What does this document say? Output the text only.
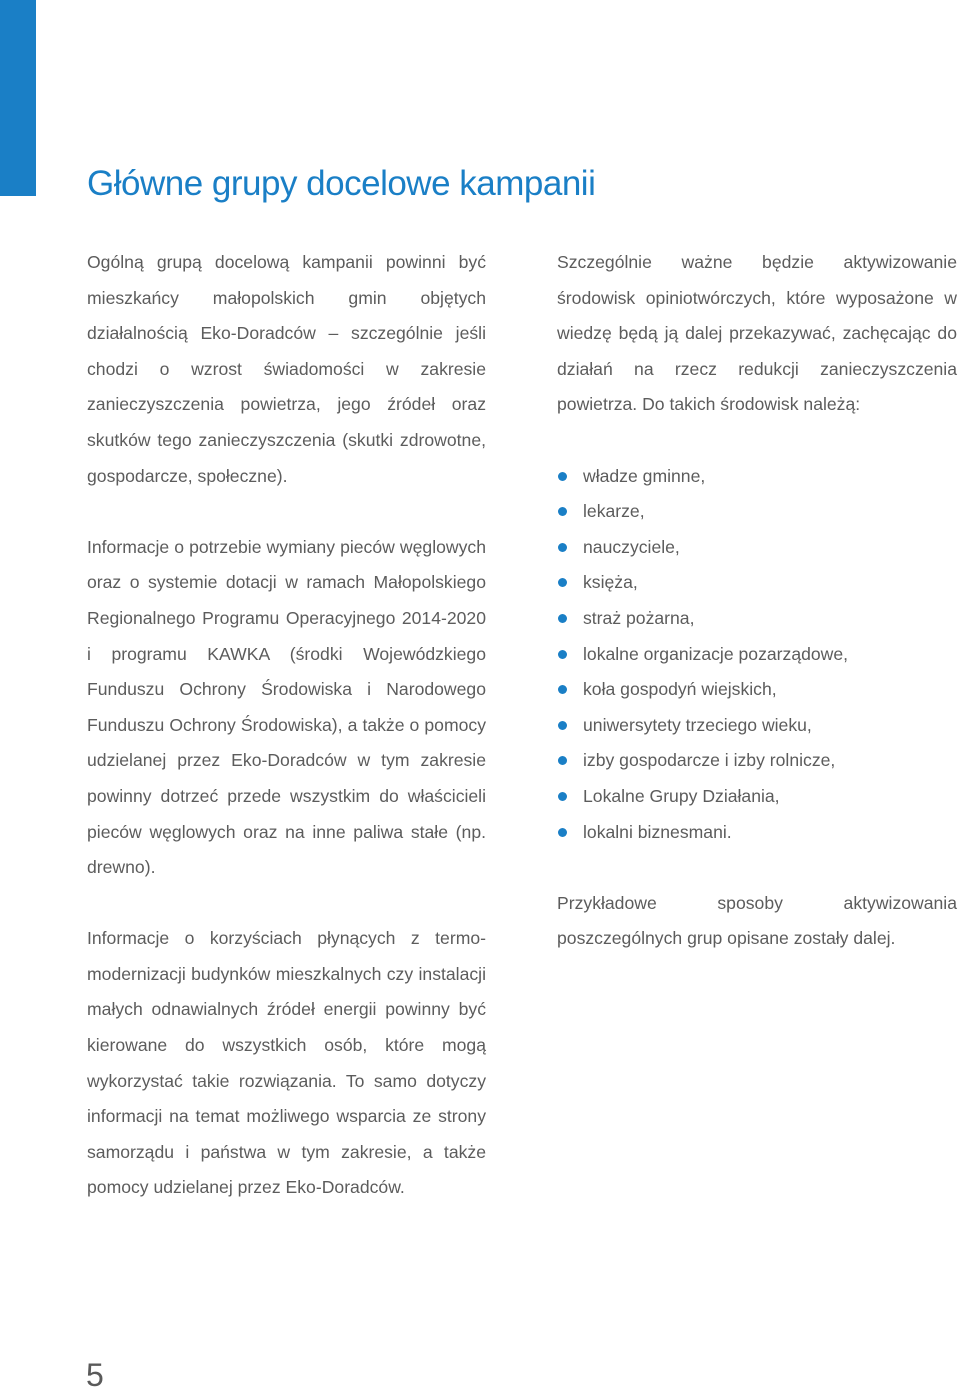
Główne grupy docelowe kampanii

Ogólną grupą docelową kampanii powinni być mieszkańcy małopolskich gmin objętych działalnością Eko-Doradców – szczególnie jeśli chodzi o wzrost świadomości w zakresie zanieczyszczenia powietrza, jego źródeł oraz skutków tego zanieczyszczenia (skutki zdrowotne, gospodarcze, społeczne).

Informacje o potrzebie wymiany pieców węglowych oraz o systemie dotacji w ramach Małopolskiego Regionalnego Programu Operacyjnego 2014-2020 i programu KAWKA (środki Wojewódzkiego Funduszu Ochrony Środowiska i Narodowego Funduszu Ochrony Środowiska), a także o pomocy udzielanej przez Eko-Doradców w tym zakresie powinny dotrzeć przede wszystkim do właścicieli pieców węglowych oraz na inne paliwa stałe (np. drewno).

Informacje o korzyściach płynących z termomodernizacji budynków mieszkalnych czy instalacji małych odnawialnych źródeł energii powinny być kierowane do wszystkich osób, które mogą wykorzystać takie rozwiązania. To samo dotyczy informacji na temat możliwego wsparcia ze strony samorządu i państwa w tym zakresie, a także pomocy udzielanej przez Eko-Doradców.

Szczególnie ważne będzie aktywizowanie środowisk opiniotwórczych, które wyposażone w wiedzę będą ją dalej przekazywać, zachęcając do działań na rzecz redukcji zanieczyszczenia powietrza. Do takich środowisk należą:

władze gminne,
lekarze,
nauczyciele,
księża,
straż pożarna,
lokalne organizacje pozarządowe,
koła gospodyń wiejskich,
uniwersytety trzeciego wieku,
izby gospodarcze i izby rolnicze,
Lokalne Grupy Działania,
lokalni biznesmani.

Przykładowe sposoby aktywizowania poszczególnych grup opisane zostały dalej.

5
